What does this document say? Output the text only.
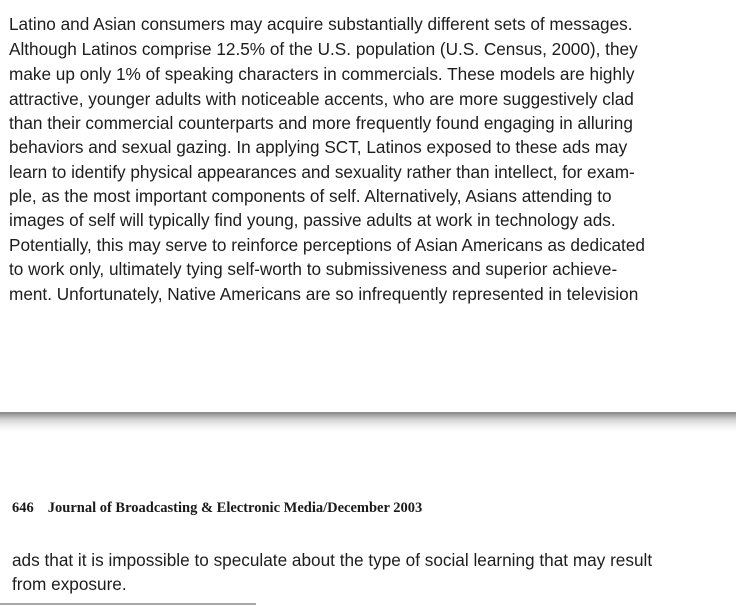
Latino and Asian consumers may acquire substantially different sets of messages.
Although Latinos comprise 12.5% of the U.S. population (U.S. Census, 2000), they
make up only 1% of speaking characters in commercials. These models are highly
attractive, younger adults with noticeable accents, who are more suggestively clad
than their commercial counterparts and more frequently found engaging in alluring
behaviors and sexual gazing. In applying SCT, Latinos exposed to these ads may
learn to identify physical appearances and sexuality rather than intellect, for exam-
ple, as the most important components of self. Alternatively, Asians attending to
images of self will typically find young, passive adults at work in technology ads.
Potentially, this may serve to reinforce perceptions of Asian Americans as dedicated
to work only, ultimately tying self-worth to submissiveness and superior achieve-
ment. Unfortunately, Native Americans are so infrequently represented in television
646 Journal of Broadcasting & Electronic Media/December 2003
ads that it is impossible to speculate about the type of social learning that may result
from exposure.
